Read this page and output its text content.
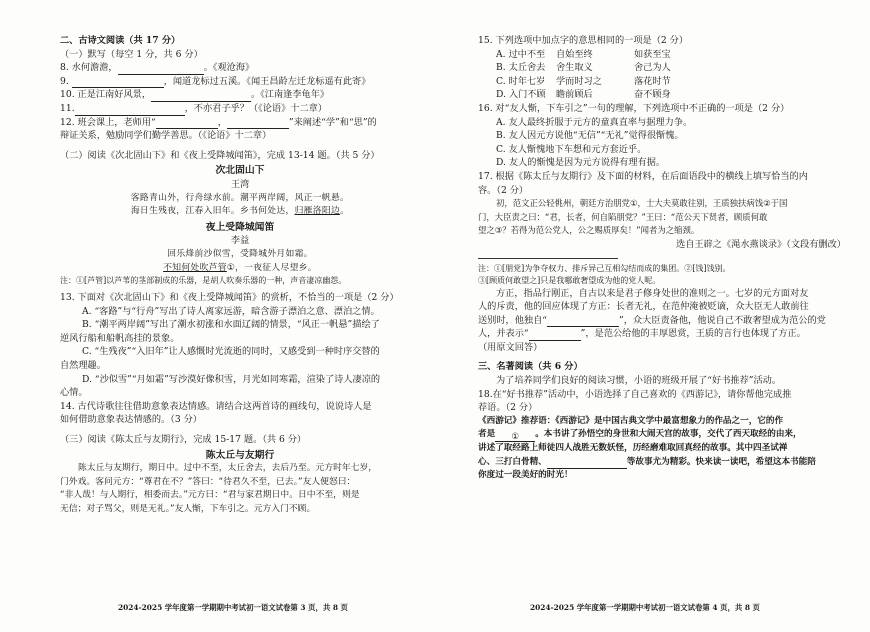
二、古诗文阅读（共 17 分）

（一）默写（每空 1 分，共 6 分）

8. 水何澹澹，	。《观沧海》

9.	，闻道龙标过五溪。《闻王昌龄左迁龙标遥有此寄》

10. 正是江南好风景，	。《江南逢李龟年》

11.	，不亦君子乎？（《论语》十二章）

12. 班会课上，老师用“	，	”来阐述“学”和“思”的

辩证关系，勉励同学们勤学善思。（《论语》十二章）

（二）阅读《次北固山下》和《夜上受降城闻笛》，完成 13-14 题。（共 5 分）

次北固山下

王湾

客路青山外，行舟绿水前。潮平两岸阔，风正一帆悬。

海日生残夜，江春入旧年。乡书何处达，归雁洛阳边。

夜上受降城闻笛

李益

回乐烽前沙似雪，受降城外月如霜。

不知何处吹芦管①，一夜征人尽望乡。

注：①[芦管]以芦苇的茎部制成的乐器，是胡人吹奏乐器的一种，声音凄凉幽怨。

13. 下面对《次北固山下》和《夜上受降城闻笛》的赏析，不恰当的一项是（2 分）

A. “客路”与“行舟”写出了诗人离家远游，暗含游子漂泊之意、漂泊之情。

B. “潮平两岸阔”写出了潮水初涨和水面辽阔的情景，“风正一帆悬”描绘了

逆风行船和船帆高挂的景象。

C. “生残夜”“入旧年”让人感慨时光流逝的同时，又感受到一种时序交替的

自然理趣。

D. “沙似雪”“月如霜”写沙漠好像积雪，月光如同寒霜，渲染了诗人凄凉的

心情。

14. 古代诗歌往往借助意象表达情感。请结合这两首诗的画线句，说说诗人是

如何借助意象表达情感的。（3 分）

（三）阅读《陈太丘与友期行》，完成 15-17 题。（共 6 分）

陈太丘与友期行

陈太丘与友期行，期日中。过中不至，太丘舍去，去后乃至。元方时年七岁，

门外戏。客问元方：“尊君在不？”答曰：“待君久不至，已去。”友人便怒曰：

“非人哉！与人期行，相委而去。”元方曰：“君与家君期日中。日中不至，则是

无信；对子骂父，则是无礼。”友人惭，下车引之。元方入门不顾。

2024-2025 学年度第一学期期中考试初一语文试卷第 3 页，共 8 页

15. 下列选项中加点字的意思相同的一项是（2 分）

A. 过中不至	自始至终	如获至宝

B. 太丘舍去	舍生取义	舍己为人

C. 时年七岁	学而时习之	落花时节

D. 入门不顾	瞻前顾后	奋不顾身

16. 对“友人惭，下车引之”一句的理解，下列选项中不正确的一项是（2 分）

A. 友人最终折服于元方的童真直率与据理力争。

B. 友人因元方说他“无信”“无礼”觉得很惭愧。

C. 友人惭愧地下车想和元方套近乎。

D. 友人的惭愧是因为元方说得有理有据。

17. 根据《陈太丘与友期行》及下面的材料，在后面语段中的横线上填写恰当的内

容。（2 分）

初，范文正公轻佻州，朝廷方治朋党①，士大夫莫敢往别，王质独扶病饯②于国

门，大臣责之曰：“君，长者，何自陷朋党？”王曰：“范公天下贤者，顾质何敢

望之③？若得为范公党人，公之赐质厚矣！”闻者为之缩颈。

选自王辟之《渑水燕谈录》（文段有删改）

注：①[朋党]为争夺权力、排斥异己互相勾结而成的集团。②[饯]饯别。

③[顾质何敢望之]只是我哪敢奢望成为他的党人呢。

方正，指品行刚正，自古以来是君子修身处世的准则之一。七岁的元方面对友

人的斥责，他的回应体现了方正：长者无礼，在范仲淹被贬谪，众大臣无人敢前往

送别时，他独自“	”，众大臣责备他，他说自己不敢奢望成为范公的党

人，并表示“	”，是范公给他的丰厚恩赏，王质的言行也体现了方正。

（用原文回答）

三、名著阅读（共 6 分）

为了培养同学们良好的阅读习惯，小语的班级开展了“好书推荐”活动。

18.在“好书推荐”活动中，小语选择了自己喜欢的《西游记》，请你帮他完成推

荐语。（2 分）

《西游记》推荐语：《西游记》是中国古典文学中最富想象力的作品之一，它的作

者是 ① 。本书讲了孙悟空的身世和大闹天宫的故事，交代了西天取经的由来，

讲述了取经路上师徒四人战胜无数妖怪，历经磨难取回真经的故事。其中四圣试禅

心、三打白骨精、	等故事尤为精彩。快来读一读吧，希望这本书能陪

你度过一段美好的时光！

2024-2025 学年度第一学期期中考试初一语文试卷第 4 页，共 8 页
